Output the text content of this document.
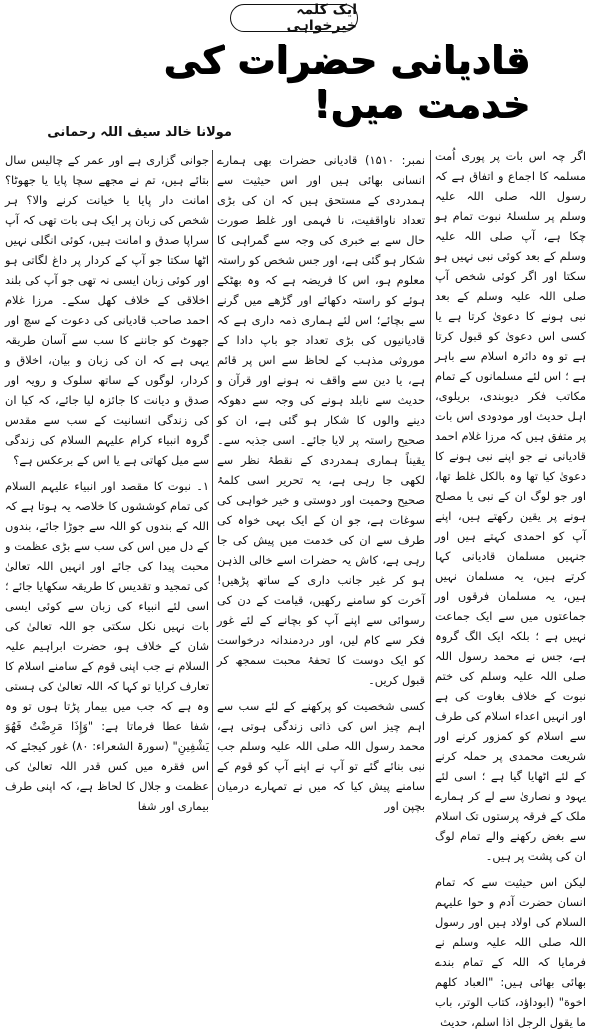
ایک کلمہ خیرخواہی
قادیانی حضرات کی خدمت میں!
مولانا خالد سیف اللہ رحمانی

اگر چہ اس بات پر پوری اُمت مسلمہ کا اجماع و اتفاق ہے کہ رسول اللہ صلی اللہ علیہ وسلم پر سلسلۂ نبوت تمام ہو چکا ہے، آپ صلی اللہ علیہ وسلم کے بعد کوئی نبی نہیں ہو سکتا اور اگر کوئی شخص آپ صلی اللہ علیہ وسلم کے بعد نبی ہونے کا دعویٰ کرتا ہے یا کسی اس دعویٰ کو قبول کرتا ہے تو وہ دائرہ اسلام سے باہر ہے ؛ اس لئے مسلمانوں کے تمام مکاتب فکر دیوبندی، بریلوی، اہل حدیث اور مودودی اس بات پر متفق ہیں کہ مرزا غلام احمد قادیانی نے جو اپنے نبی ہونے کا دعویٰ کیا تھا وہ بالکل غلط تھا، اور جو لوگ ان کے نبی یا مصلح ہونے پر یقین رکھتے ہیں، اپنے آپ کو احمدی کہتے ہیں اور جنہیں مسلمان قادیانی کہا کرتے ہیں، یہ مسلمان نہیں ہیں، یہ مسلمان فرقوں اور جماعتوں میں سے ایک جماعت نہیں ہے ؛ بلکہ ایک الگ گروہ ہے، جس نے محمد رسول اللہ صلی اللہ علیہ وسلم کی ختم نبوت کے خلاف بغاوت کی ہے اور انہیں اعداء اسلام کی طرف سے اسلام کو کمزور کرنے اور شریعت محمدی پر حملہ کرنے کے لئے اٹھایا گیا ہے ؛ اسی لئے یہود و نصاریٰ سے لے کر ہمارے ملک کے فرقہ پرستوں تک اسلام سے بغض رکھنے والے تمام لوگ ان کی پشت پر ہیں۔

لیکن اس حیثیت سے کہ تمام انسان حضرت آدم و حوا علیہم السلام کی اولاد ہیں اور رسول اللہ صلی اللہ علیہ وسلم نے فرمایا کہ اللہ کے تمام بندے بھائی بھائی ہیں: "العباد کلهم اخوة" (ابوداؤد، کتاب الوتر، باب ما یقول الرجل اذا اسلم، حدیث

نمبر: ۱۵۱۰) قادیانی حضرات بھی ہمارے انسانی بھائی ہیں اور اس حیثیت سے ہمدردی کے مستحق ہیں کہ ان کی بڑی تعداد ناواقفیت، نا فہمی اور غلط صورت حال سے بے خبری کی وجہ سے گمراہی کا شکار ہو گئی ہے، اور جس شخص کو راستہ معلوم ہو، اس کا فریضہ ہے کہ وہ بھٹکے ہوئے کو راستہ دکھائے اور گڑھے میں گرنے سے بچائے؛ اس لئے ہماری ذمہ داری ہے کہ قادیانیوں کی بڑی تعداد جو باپ دادا کے موروثی مذہب کے لحاظ سے اس پر قائم ہے، یا دین سے واقف نہ ہونے اور قرآن و حدیث سے نابلد ہونے کی وجہ سے دھوکہ دینے والوں کا شکار ہو گئی ہے، ان کو صحیح راستہ پر لایا جائے۔ اسی جذبہ سے۔ یقیناً ہماری ہمدردی کے نقطۂ نظر سے لکھی جا رہی ہے، یہ تحریر اسی کلمۂ صحیح وحمیت اور دوستی و خیر خواہی کی سوغات ہے، جو ان کے ایک بہی خواہ کی طرف سے ان کی خدمت میں پیش کی جا رہی ہے، کاش یہ حضرات اسے خالی الذہن ہو کر غیر جانب داری کے ساتھ پڑھیں! آخرت کو سامنے رکھیں، قیامت کے دن کی رسوائی سے اپنے آپ کو بچانے کے لئے غور فکر سے کام لیں، اور دردمندانہ درخواست کو ایک دوست کا تحفۂ محبت سمجھ کر قبول کریں۔

کسی شخصیت کو پرکھنے کے لئے سب سے اہم چیز اس کی ذاتی زندگی ہوتی ہے، محمد رسول اللہ صلی اللہ علیہ وسلم جب نبی بنائے گئے تو آپ نے اپنے آپ کو قوم کے سامنے پیش کیا کہ میں نے تمہارے درمیان بچپن اور

جوانی گزاری ہے اور عمر کے چالیس سال بتائے ہیں، تم نے مجھے سچا پایا یا جھوٹا؟ امانت دار پایا یا خیانت کرنے والا؟ ہر شخص کی زبان پر ایک ہی بات تھی کہ آپ سراپا صدق و امانت ہیں، کوئی انگلی نہیں اٹھا سکتا جو آپ کے کردار پر داغ لگاتی ہو اور کوئی زبان ایسی نہ تھی جو آپ کی بلند اخلاقی کے خلاف کھل سکے۔ مرزا غلام احمد صاحب قادیانی کی دعوت کے سچ اور جھوٹ کو جاننے کا سب سے آسان طریقہ یہی ہے کہ ان کی زبان و بیان، اخلاق و کردار، لوگوں کے ساتھ سلوک و رویہ اور صدق و دیانت کا جائزہ لیا جائے، کہ کیا ان کی زندگی انسانیت کے سب سے مقدس گروہ انبیاء کرام علیہم السلام کی زندگی سے میل کھاتی ہے یا اس کے برعکس ہے؟

۱۔ نبوت کا مقصد اور انبیاء علیہم السلام کی تمام کوششوں کا خلاصہ یہ ہوتا ہے کہ اللہ کے بندوں کو اللہ سے جوڑا جائے، بندوں کے دل میں اس کی سب سے بڑی عظمت و محبت پیدا کی جائے اور انہیں اللہ تعالیٰ کی تمجید و تقدیس کا طریقہ سکھایا جائے ؛ اسی لئے انبیاء کی زبان سے کوئی ایسی بات نہیں نکل سکتی جو اللہ تعالیٰ کی شان کے خلاف ہو، حضرت ابراہیم علیہ السلام نے جب اپنی قوم کے سامنے اسلام کا تعارف کرایا تو کہا کہ اللہ تعالیٰ کی ہستی وہ ہے کہ جب میں بیمار پڑتا ہوں تو وہ شفا عطا فرماتا ہے: "وَإِذَا مَرِضْتُ فَهُوَ يَشْفِينِ" (سورۃ الشعراء: ۸۰) غور کیجئے کہ اس فقرہ میں کس قدر اللہ تعالیٰ کی عظمت و جلال کا لحاظ ہے، کہ اپنی طرف بیماری اور شفا
